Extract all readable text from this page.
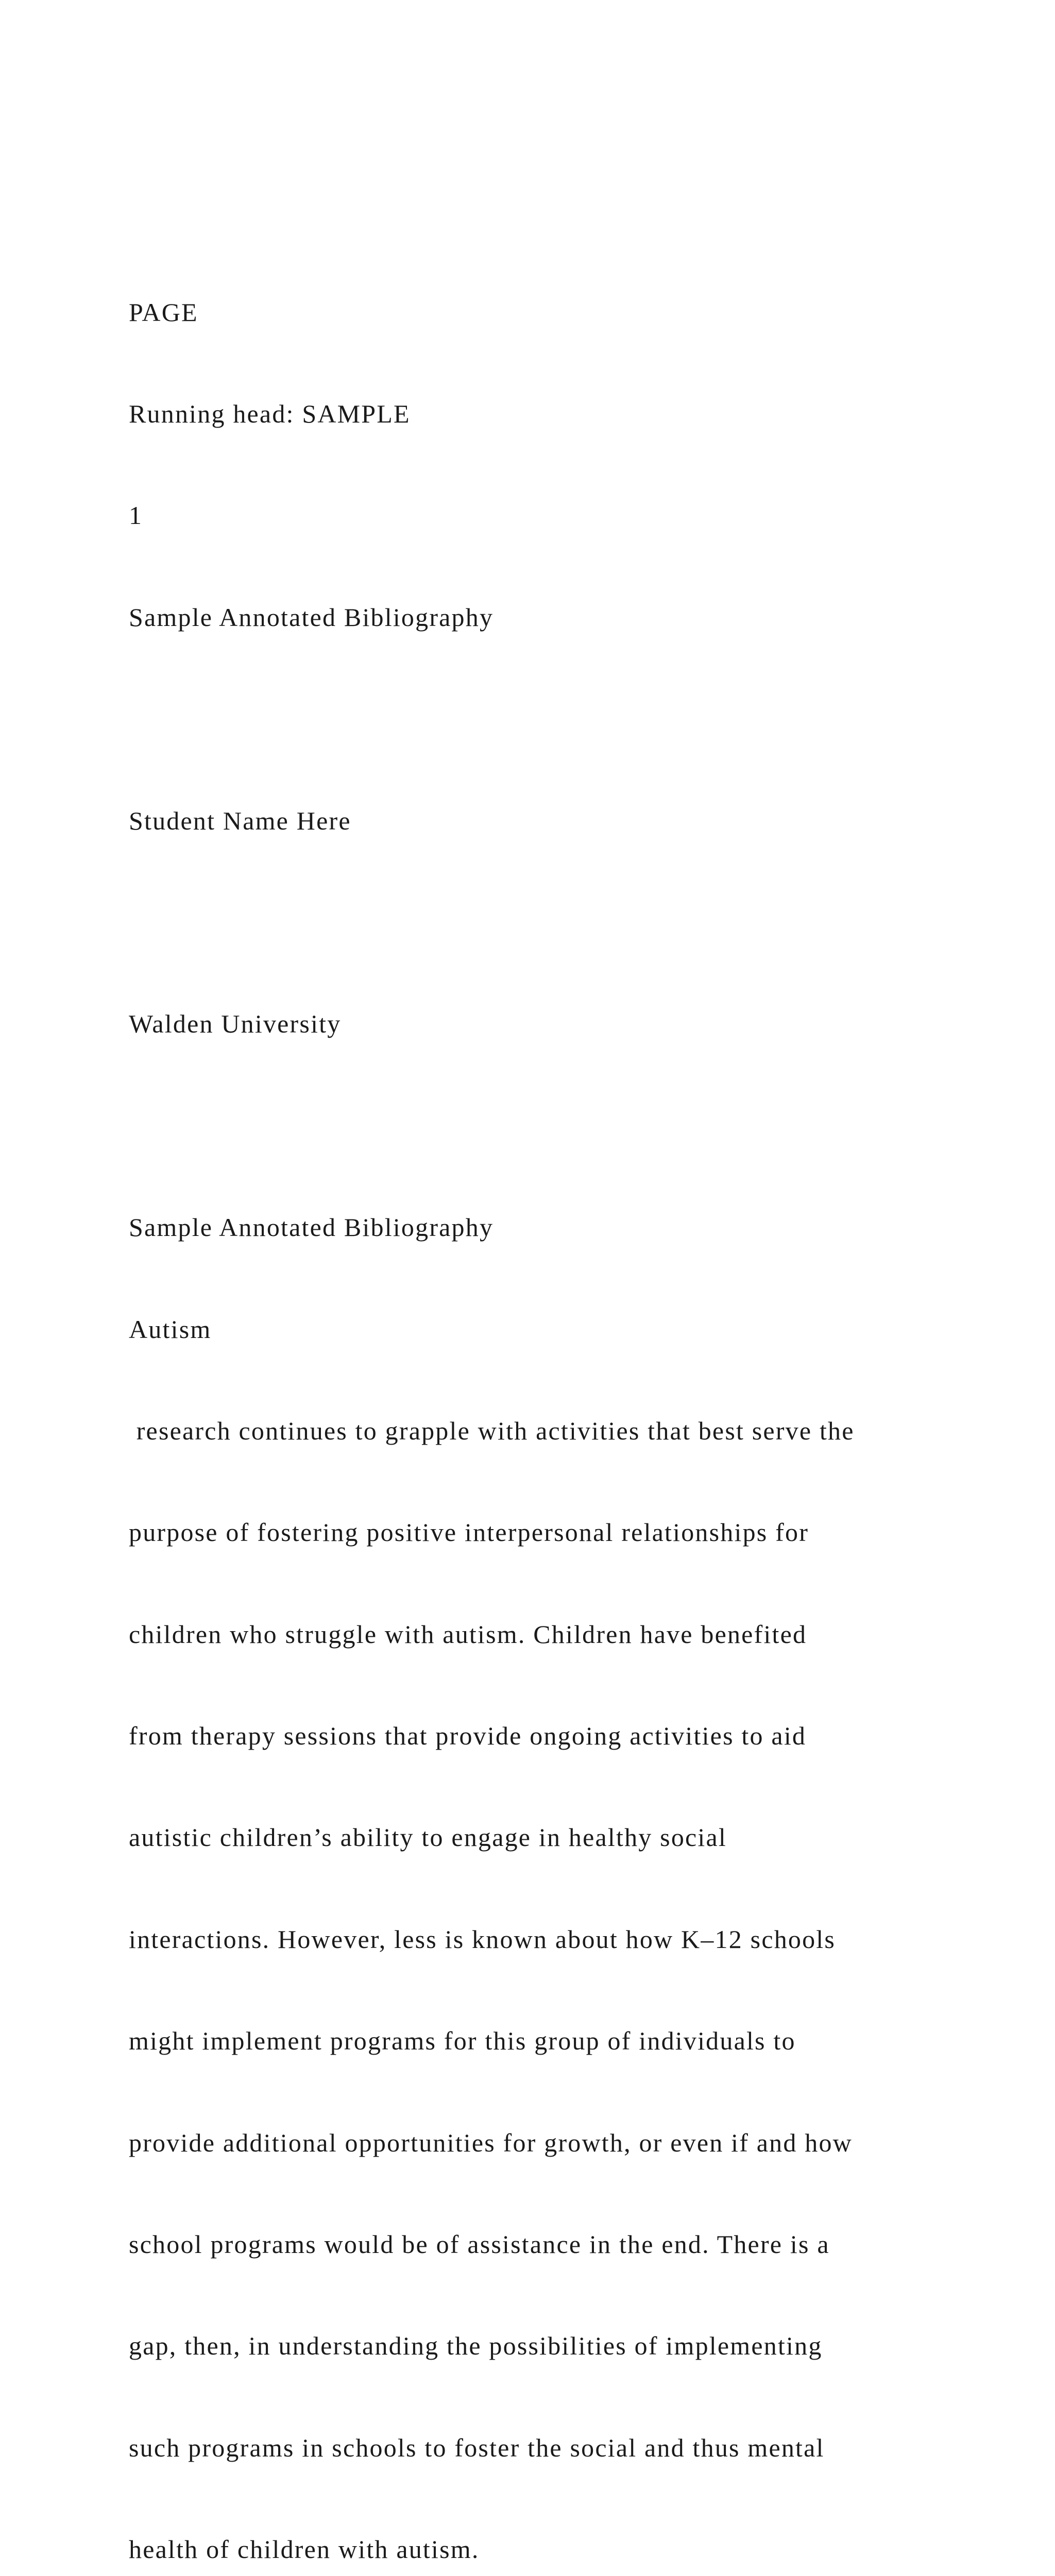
PAGE

Running head: SAMPLE

1

Sample Annotated Bibliography

Student Name Here

Walden University

Sample Annotated Bibliography

Autism

research continues to grapple with activities that best serve the

purpose of fostering positive interpersonal relationships for

children who struggle with autism. Children have benefited

from therapy sessions that provide ongoing activities to aid

autistic children’s ability to engage in healthy social

interactions. However, less is known about how K–12 schools

might implement programs for this group of individuals to

provide additional opportunities for growth, or even if and how

school programs would be of assistance in the end. There is a

gap, then, in understanding the possibilities of implementing

such programs in schools to foster the social and thus mental

health of children with autism.
